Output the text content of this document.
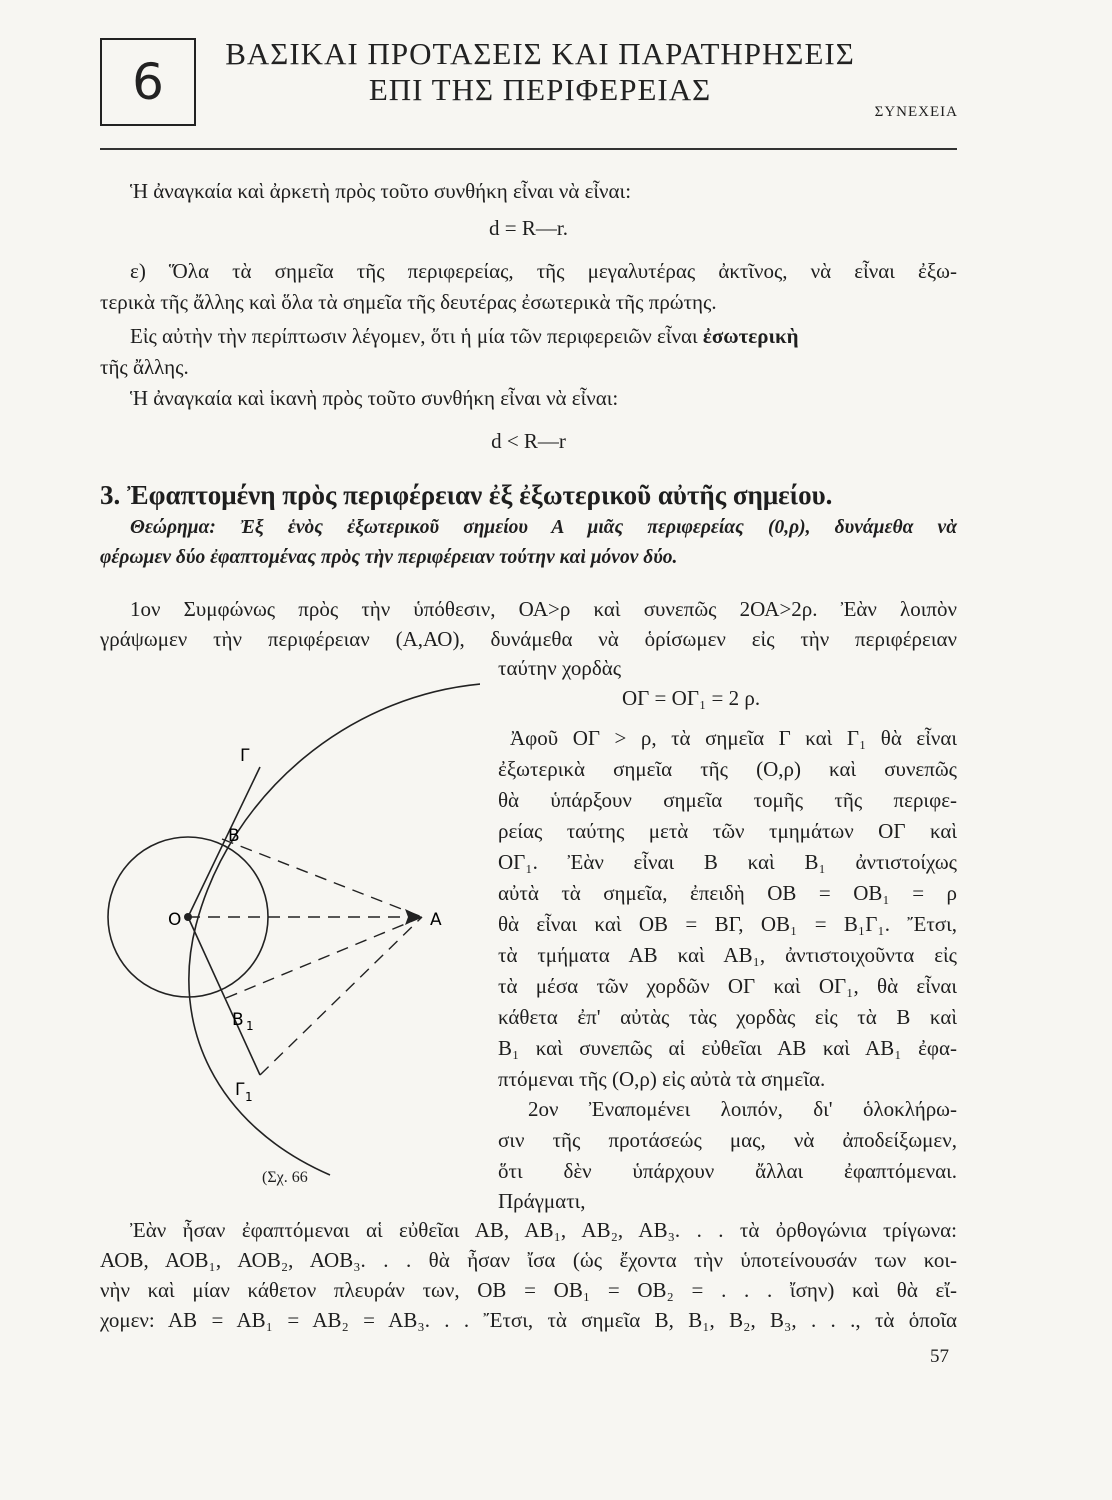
6	ΒΑΣΙΚΑΙ ΠΡΟΤΑΣΕΙΣ ΚΑΙ ΠΑΡΑΤΗΡΗΣΕΙΣ
ΕΠΙ ΤΗΣ ΠΕΡΙΦΕΡΕΙΑΣ
ΣΥΝΕΧΕΙΑ
Ἡ ἀναγκαία καὶ ἀρκετὴ πρὸς τοῦτο συνθήκη εἶναι νὰ εἶναι:
d = R—r.
ε) Ὅλα τὰ σημεῖα τῆς περιφερείας, τῆς μεγαλυτέρας ἀκτῖνος, νὰ εἶναι ἐξω-
τερικὰ τῆς ἄλλης καὶ ὅλα τὰ σημεῖα τῆς δευτέρας ἐσωτερικὰ τῆς πρώτης.
Εἰς αὐτὴν τὴν περίπτωσιν λέγομεν, ὅτι ἡ μία τῶν περιφερειῶν εἶναι ἐσωτερικὴ
τῆς ἄλλης.
Ἡ ἀναγκαία καὶ ἱκανὴ πρὸς τοῦτο συνθήκη εἶναι νὰ εἶναι:
d < R—r
3. Ἐφαπτομένη πρὸς περιφέρειαν ἐξ ἐξωτερικοῦ αὐτῆς σημείου.
Θεώρημα: Ἐξ ἑνὸς ἐξωτερικοῦ σημείου Α μιᾶς περιφερείας (0,ρ), δυνάμεθα νὰ
φέρωμεν δύο ἐφαπτομένας πρὸς τὴν περιφέρειαν τούτην καὶ μόνον δύο.
1ον Συμφώνως πρὸς τὴν ὑπόθεσιν, ΟΑ>ρ καὶ συνεπῶς 2ΟΑ>2ρ. Ἐὰν λοιπὸν
γράψωμεν τὴν περιφέρειαν (Α,ΑΟ), δυνάμεθα νὰ ὁρίσωμεν εἰς τὴν περιφέρειαν
ταύτην χορδὰς
ΟΓ = ΟΓ₁ = 2 ρ.
Ἀφοῦ ΟΓ > ρ, τὰ σημεῖα Γ καὶ Γ₁ θὰ εἶναι
ἐξωτερικὰ σημεῖα τῆς (Ο,ρ) καὶ συνεπῶς
θὰ ὑπάρξουν σημεῖα τομῆς τῆς περιφε-
ρείας ταύτης μετὰ τῶν τμημάτων ΟΓ καὶ
ΟΓ₁. Ἐὰν εἶναι Β καὶ Β₁ ἀντιστοίχως
αὐτὰ τὰ σημεῖα, ἐπειδὴ ΟΒ = ΟΒ₁ = ρ
θὰ εἶναι καὶ ΟΒ = ΒΓ, ΟΒ₁ = Β₁Γ₁. Ἔτσι,
τὰ τμήματα ΑΒ καὶ ΑΒ₁, ἀντιστοιχοῦντα εἰς
τὰ μέσα τῶν χορδῶν ΟΓ καὶ ΟΓ₁, θὰ εἶναι
κάθετα ἐπ' αὐτὰς τὰς χορδὰς εἰς τὰ Β καὶ
Β₁ καὶ συνεπῶς αἱ εὐθεῖαι ΑΒ καὶ ΑΒ₁ ἐφα-
πτόμεναι τῆς (Ο,ρ) εἰς αὐτὰ τὰ σημεῖα.
2ον Ἐναπομένει λοιπόν, δι' ὁλοκλήρω-
σιν τῆς προτάσεώς μας, νὰ ἀποδείξωμεν,
ὅτι δὲν ὑπάρχουν ἄλλαι ἐφαπτόμεναι.
Πράγματι,
O	A
Γ
B
B 1
Γ 1
(Σχ. 66
Ἐὰν ἦσαν ἐφαπτόμεναι αἱ εὐθεῖαι ΑΒ, ΑΒ₁, ΑΒ₂, ΑΒ₃. . . τὰ ὀρθογώνια τρίγωνα:
ΑΟΒ, ΑΟΒ₁, ΑΟΒ₂, ΑΟΒ₃. . . θὰ ἦσαν ἴσα (ὡς ἔχοντα τὴν ὑποτείνουσάν των κοι-
νὴν καὶ μίαν κάθετον πλευράν των, ΟΒ = ΟΒ₁ = ΟΒ₂ = . . . ἴσην) καὶ θὰ εἴ-
χομεν: ΑΒ = ΑΒ₁ = ΑΒ₂ = ΑΒ₃. . . Ἔτσι, τὰ σημεῖα Β, Β₁, Β₂, Β₃, . . ., τὰ ὁποῖα
57
